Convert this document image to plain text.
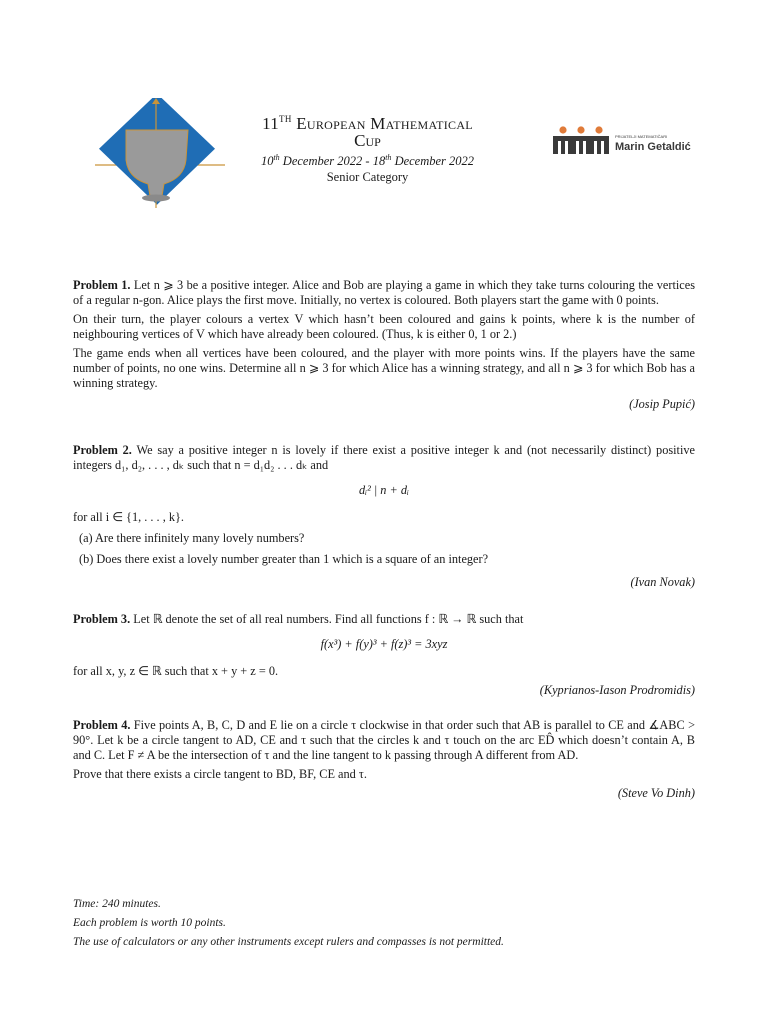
11TH European Mathematical
Cup
10th December 2022 - 18th December 2022
Senior Category
PRIJATELJI MATEMATIČARI
Marin Getaldić

Problem 1. Let n ⩾ 3 be a positive integer. Alice and Bob are playing a game in which they take turns colouring the vertices of a regular n-gon. Alice plays the first move. Initially, no vertex is coloured. Both players start the game with 0 points.

On their turn, the player colours a vertex V which hasn’t been coloured and gains k points, where k is the number of neighbouring vertices of V which have already been coloured. (Thus, k is either 0, 1 or 2.)

The game ends when all vertices have been coloured, and the player with more points wins. If the players have the same number of points, no one wins. Determine all n ⩾ 3 for which Alice has a winning strategy, and all n ⩾ 3 for which Bob has a winning strategy.

(Josip Pupić)

Problem 2. We say a positive integer n is lovely if there exist a positive integer k and (not necessarily distinct) positive integers d₁, d₂, . . . , dₖ such that n = d₁d₂ . . . dₖ and

dᵢ² | n + dᵢ

for all i ∈ {1, . . . , k}.

(a) Are there infinitely many lovely numbers?
(b) Does there exist a lovely number greater than 1 which is a square of an integer?
(Ivan Novak)

Problem 3. Let ℝ denote the set of all real numbers. Find all functions f : ℝ → ℝ such that

f(x³) + f(y)³ + f(z)³ = 3xyz

for all x, y, z ∈ ℝ such that x + y + z = 0.

(Kyprianos-Iason Prodromidis)

Problem 4. Five points A, B, C, D and E lie on a circle τ clockwise in that order such that AB is parallel to CE and ∡ABC > 90°. Let k be a circle tangent to AD, CE and τ such that the circles k and τ touch on the arc ED̂ which doesn’t contain A, B and C. Let F ≠ A be the intersection of τ and the line tangent to k passing through A different from AD.

Prove that there exists a circle tangent to BD, BF, CE and τ.

(Steve Vo Dinh)
Time: 240 minutes.
Each problem is worth 10 points.
The use of calculators or any other instruments except rulers and compasses is not permitted.
